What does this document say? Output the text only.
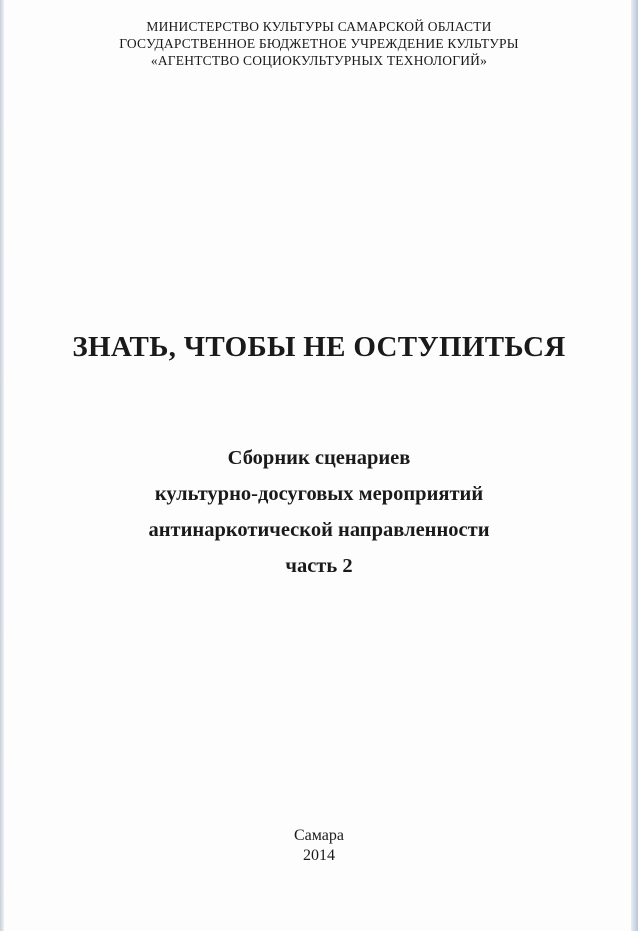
МИНИСТЕРСТВО КУЛЬТУРЫ САМАРСКОЙ ОБЛАСТИ
ГОСУДАРСТВЕННОЕ БЮДЖЕТНОЕ УЧРЕЖДЕНИЕ КУЛЬТУРЫ
«АГЕНТСТВО СОЦИОКУЛЬТУРНЫХ ТЕХНОЛОГИЙ»
ЗНАТЬ, ЧТОБЫ НЕ ОСТУПИТЬСЯ
Сборник сценариев
культурно-досуговых мероприятий
антинаркотической направленности
часть 2
Самара
2014
